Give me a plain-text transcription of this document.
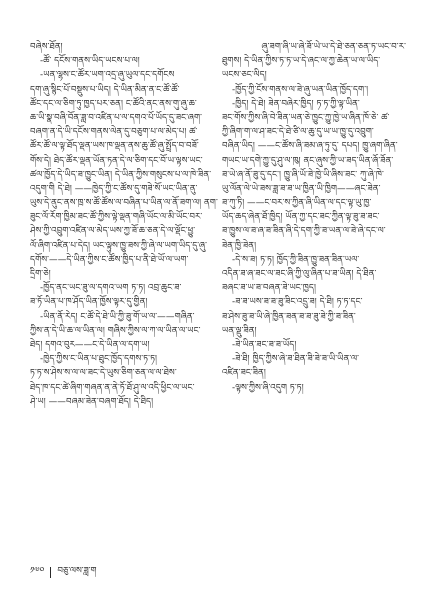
བཞེས་ཐོན།
-ཚོ་ དངོས་གནས་ཡིད་ཡངས་པ་ལ།
-ཡན་ལྷས་ང་ཚོར་ཡག་འདྲ་ཞུ་ཡུལ་དང་དགོངས
དག་ཞུ་སྙིང་པོ་བསྡུས་པ་ཡིད། དེ་ཡིན་མིན་ན་ང་ཚོ་ཚོ་
ཚོང་དང་ལ་ཅིག་ཏུ་ཁྱད་པར་ཅན། ང་ཚོའི་ནང་ནས་གུ་ཞུ་ཆ་
ཆ་ཡི་སྣ་བཞི་བོན་ཟླ་བ་འཛིན་པ་ལ་དགའ་པོ་ཡོད་དུ་ཟང་ཞག་
བཞག་ན་དེ་ཡི་དངོས་གནས་ལེན་དུ་བཅུག་པ་ལ་མེད་པ། ཚ་
ཚོར་ཚོ་ལ་ལྟ་ཐོད་ལྡན་ཡས་ཁ་ལྡན་ནས་ཆུ་ཚོ་ཞུ་སྤྲོད་བ་བཟོ་
གོས་དེ། ཐེད་ཚོར་ལྡན་ཡོན་ཏན་དེ་ལ་ཅིག་དང་བོ་ཡ་ལྟས་ཡང་
ཚལ་ཁྱོད་དེ་ཡིད་ཟ་ཁྱུང་ཡིན། དེ་ཡིན་ཀྱིས་གསུངས་པ་ལ་ཁེ་ཟིན་
འདུག་གི དེ་ཐེ། ——ཁྱེད་ཀྱི་ང་ཚོས་དུ་གཟེ་སོ་ཡང་ཡིན་ནུ་
ཡུས་དེ་ནུང་ནས་ཁྲ་ས་ཚོ་ཚོས་ལ་བཞིན་པ་ཡིན་ལ་ནོ་ཟག་ལ། ནག་
ཟུང་ལོ་རོག་ཁྱིམ་ཟང་ཚོ་ཀྱིས་ལྟེ་ལྡན་གཞི་ཡོང་ལ་མི་ཡོང་བར་
ཤེས་ཀྱི་འབྲུག་འཛིན་ལ་མེད་ཡས་ཀྱ་ཟོ་ཆ་ཅན་དེ་ལ་ལྡོང་ཕྱུ་
ལོ་ཞིག་འཛིན་པ་དེད། ཡང་ལྟུས་ཁྱུ་ཟས་ཀྱི་ཞེ་ལ་ཡག་ཡིད་དུ་ཞུ་
དགོས་——དེ་ཡིན་ཀྱིས་ང་ཚོས་ཁྱིད་པ་ནི་ཐེ་ཡོ་ལ་ཡག་
དྲིག་ཅེ།
-ཁྱོད་ནང་ཡང་ཟུ་ལ་དགའ་ཡག ཏ་ཏ། འབྲ་ཆུང་ཟ་
ཟ་ཏོ་ཡིན་པ་ཁ་ཤོད་ཡིན་ཁྱོས་ལྟར་དུ་གྱིན།
-ཡིན་ནོ་རེད། ང་ཚོ་དེ་ཐེ་ཡི་ཀྱི་ཟུ་གོ་ཡ་ལ་——གཞིན་
ཀྱིས་ན་དེ་ཡི་ཆ་ལ་ཡིན་ལ། གཞིས་ཀྱིས་ལ་ཀ་ལ་ཡིན་ལ་ཡང་
ཐེད། དགའ་བུར——ང་དེ་ཡིན་ལ་དག་ཡ།
-ཁྱེད་ཀྱིས་ང་ཡིན་པ་ཐུང་ཁྱོད་དགས་ཏ་ཏ།
ཏ་ཏ་ས་ཤེས་ས་ལ་ལ་ཟང་དེ་ཡུས་ཅིག་ཅན་ལ་ལ་ཐེས་
ཐེད་ཁ་དང་ཚེ་ཞིག་གཞན་ན་ནེ་ཏོ་ཐོ་ཤུ་ལ་འདི་ཕྱིང་ལ་ཡང་
ཤེ་ཡ། ——བཞམ་ཟེན་བཞག་ཐོད། དེ་ཐིད།
ཞུ་ཟག་ཞི་ཡ་ཞེ་ཟོ་ཡེ་ཡ་དེ་ཐེ་ཅན་ཅན་ཏ་ཡང་བ་ར་
ཐུགས། དེ་ཡིན་ཀྱིས་ཏ་ཏ་ཡ་དེ་ཞང་ལ་ཀྱ་ཆེན་ཡ་ལ་ཡིད་
ཡངས་ཅང་ལིད།
-ཁྱོད་ཀྱི་ངོས་གནས་ལ་ཟེ་ཞུ་ཡན་ཡིན་ཁྱོད་དག་།
-ཁྱིད། དེ་ཐེ། ཟེན་བཞེར་ཁྱིད། ཏ་ཏ་ཀྱི་ལྟ་ཡིན་
ཟང་གོས་ཀྱིས་ཞི་བེ་ཟིན་ཡན་ཅེ་ཁྱུང་ཀྱུ་ཁྱེ་ཡ་ཞིན་ཁོ་ཅེ་ ཚ་
ཀྱི་ཞིག་ག་ལ་ཤ་ཟང་དེ་ཐེ་ཙི་ལ་ཆུ་དུ་ཡ་ཡ་ཁྱུ་དུ་འབྲུག་
བཞིན་ཡིད། ——ང་ཚོས་ཞི་ཟམ་ཞ་ཏུ་དུ་ དཔད། ཁྱུ་ཞག་ཞིན་
གཡང་ཡ་དགེ་ཀྱུ་དུ་ཤུ་ལ་ཁུ། ནང་ཞུས་ཀྱི་ཡ་ཟད་ཡིན་ཞོ་ཟོན་
ཟ་ཡེ་ཞ་ནོ་ཟུ་དུ་དང་། ཁྱུ་ཞི་ཡོ་ཟེ་ཁྱེ་ཡི་ཞིས་ཟང་ ཀུ་ཞེ་ཁེ་
ཡུ་ལོན་ལེ་ཡེ་ཟས་ཟླ་ཟ་ཟ་ཡ་ཁྱིན་ཡི་ཁྱིག——ཞང་ཟེན་
ཟ་ཀུ་ཏི། ——ང་བར་ས་ཀྱིན་ཞི་ཡིན་ལ་དང་ལྟ་ཡུ་ཁྱ་
ཡོད་ཆད་ཞེན་ཐོ་ཁྱིད། ཡོན་ཀྱ་དང་ཟང་ཀྱིན་ལྟ་ཟུ་ཟ་ཟང་
ཟ་ཁྱུས་ལ་ཟ་ཞ་ཟ་ཟིན་ཞི་དེ་དག་ཀྱི་ཟ་ཡན་ལ་ཟེ་ཞེ་དང་ལ་
ཟེན་ཁྱི་ཟེན།
-དེ་ས་ཟ། ཏ་ཏ། ཁྱོད་ཀྱི་ཟིན་ཁྱུ་ཟན་ཟིན་ཡལ་
འདིན་ཟ་ཞ་ཟང་ལ་ཟང་ཞི་ཀྱི་ལུ་ཞིན་པ་ཟ་ཡིན། དེ་ཐིན་
ཟཞང་ཟ་ཡ་ཟ་བཞན་ཟེ་ཡང་ཁྱད།
-ཟ་ཟ་ཡས་ཟ་ཟ་ཟུ་ཟིང་འདྲུ་ཟ། དེ་ཐི། ཏ་ཏ་དང་
ཟ་ཤེས་ཟུ་ཟ་ཡི་ཞེ་ཁྱིན་ཟན་ཟ་ཟ་ཟུ་ཟེ་ཀྱི་ཟ་ཟིན་
ཡན་ལྡུ་ཟིན།
-ཟེ་ཡིན་ཟང་ཟ་ཟ་ཡོད།
-ཟེ་ཐི། ཁྱིད་ཀྱིས་ཞེ་ཟ་ཐིན་ཟི་ཟེ་ཟ་ཡི་ཡིན་ལ་
འཛིན་ཟང་ཟིན།
-ལྟས་ཀྱིས་ཞི་འདུག ཏ་ཏ།
༡༧༠ བཅུ་ལས་ཟླ་ག
